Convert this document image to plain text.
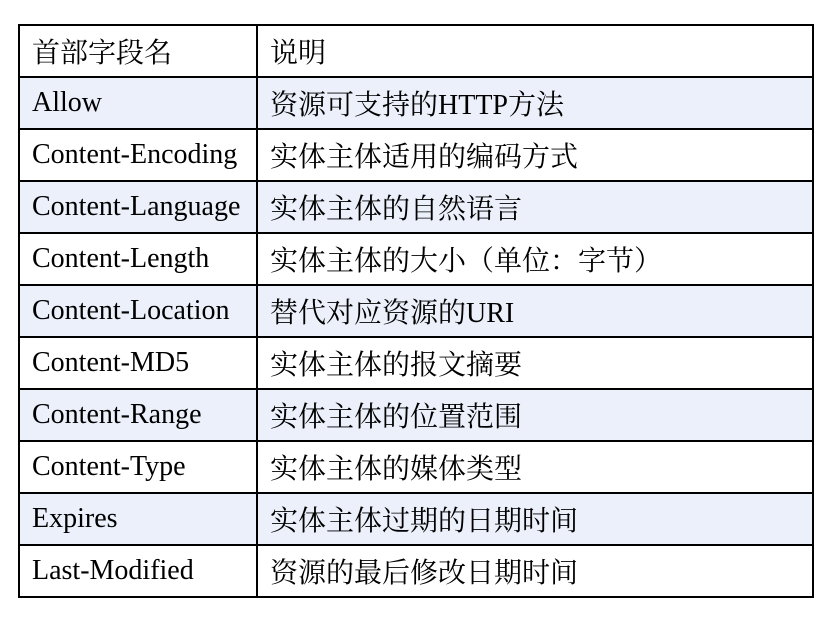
首部字段名	说明
Allow	资源可支持的HTTP方法
Content-Encoding	实体主体适用的编码方式
Content-Language	实体主体的自然语言
Content-Length	实体主体的大小（单位：字节）
Content-Location	替代对应资源的URI
Content-MD5	实体主体的报文摘要
Content-Range	实体主体的位置范围
Content-Type	实体主体的媒体类型
Expires	实体主体过期的日期时间
Last-Modified	资源的最后修改日期时间
